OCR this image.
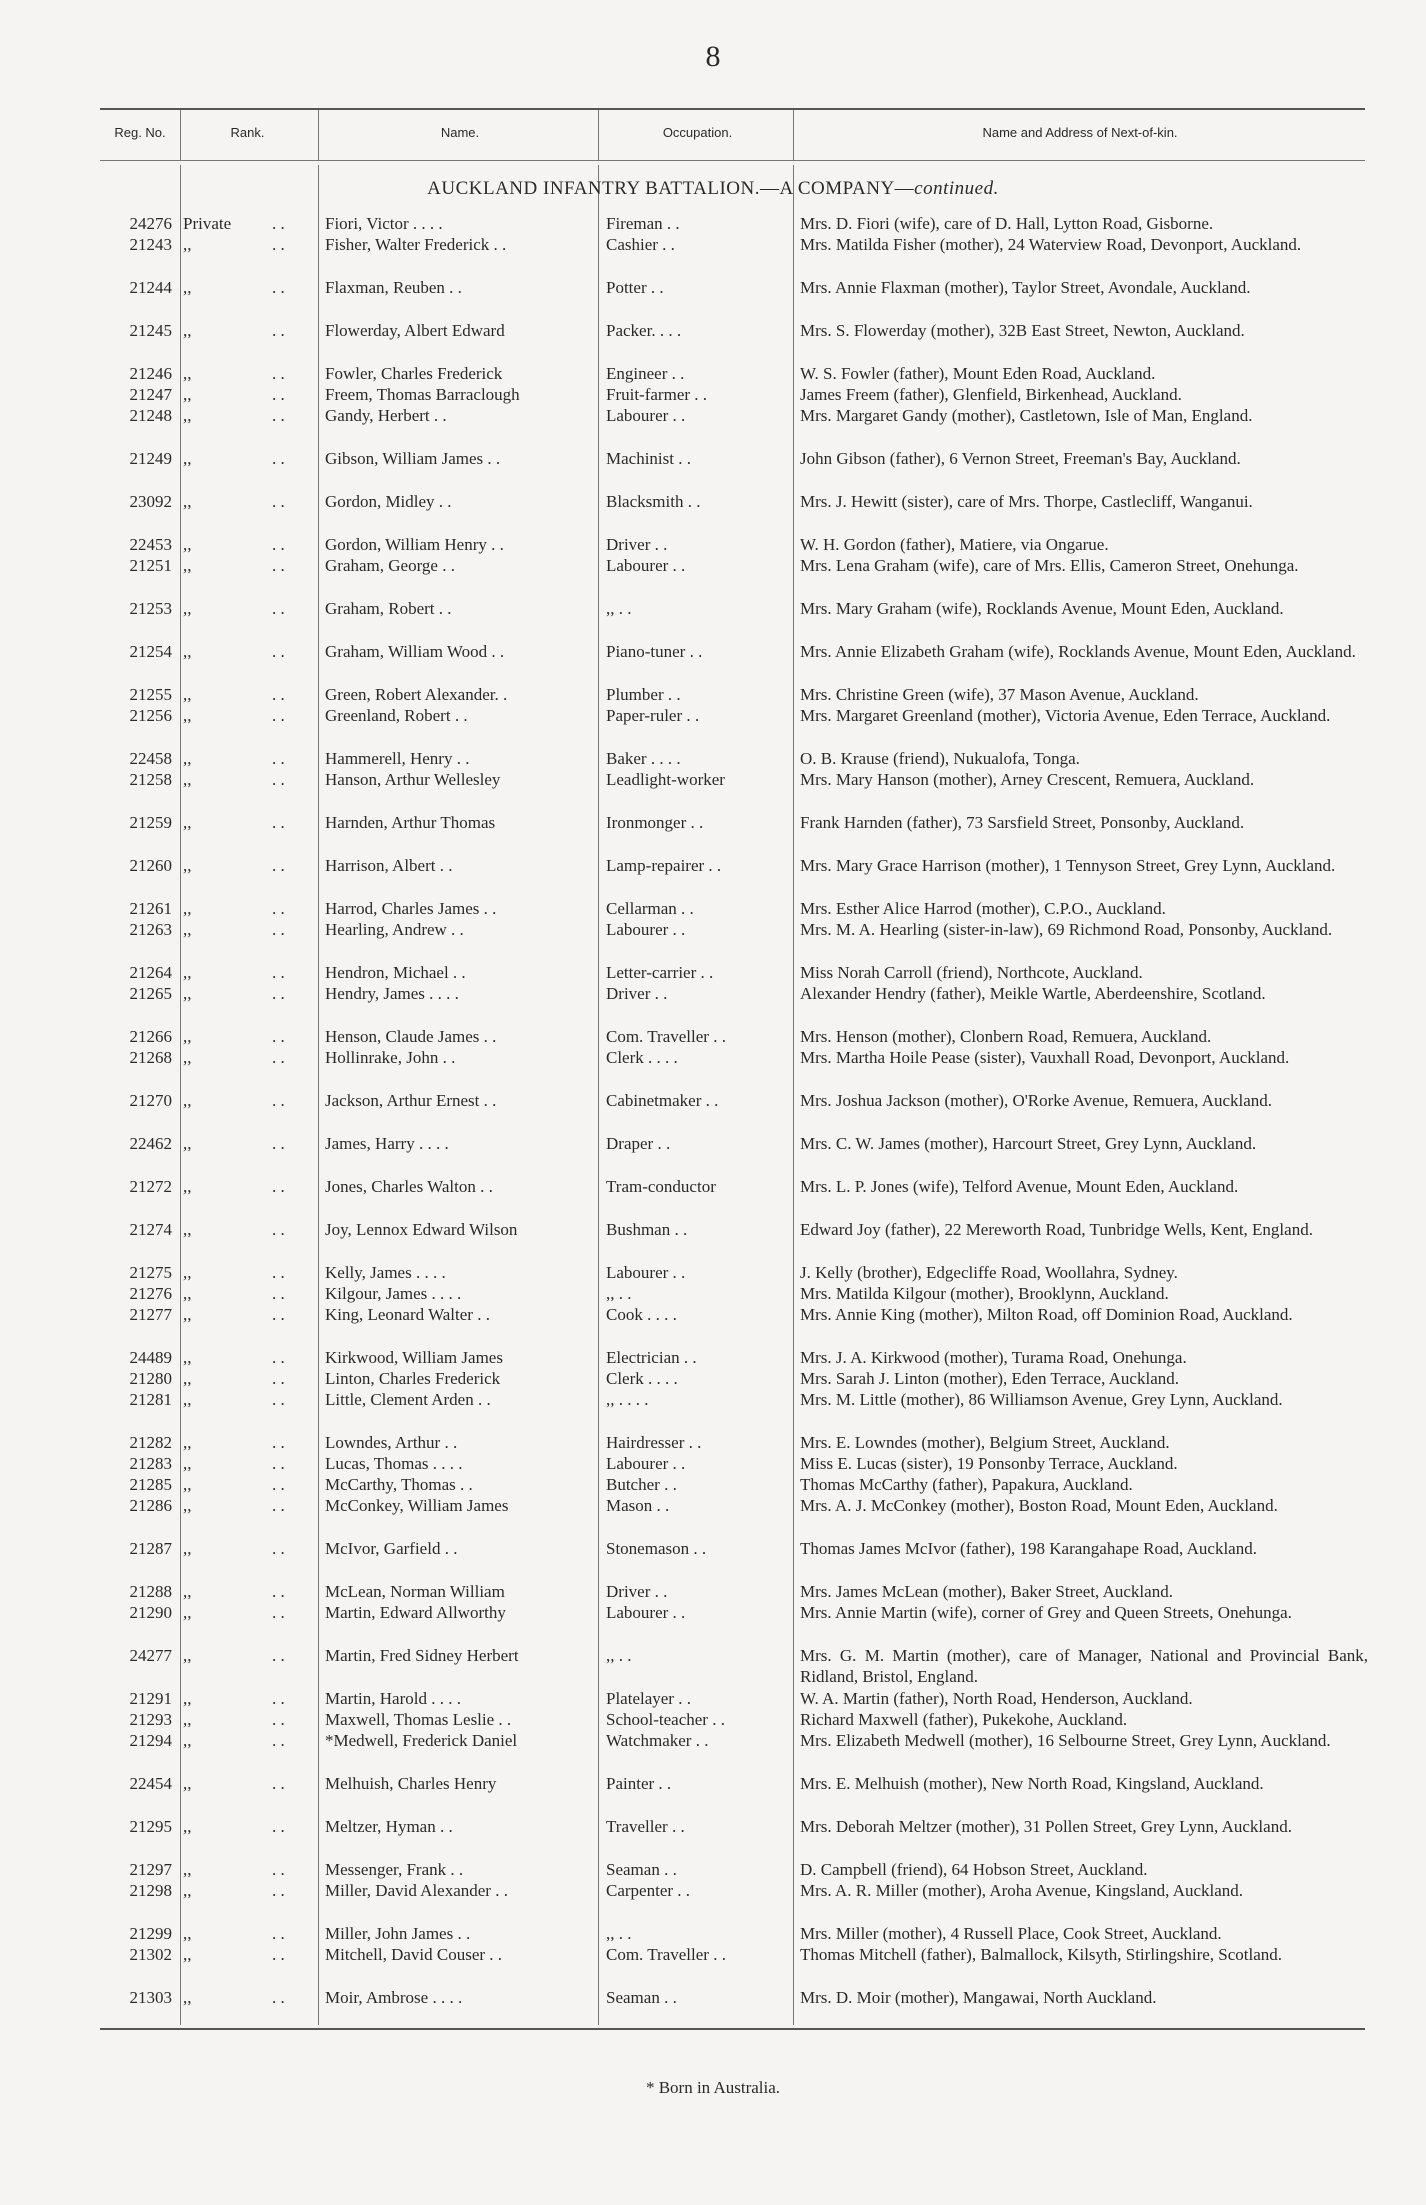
8
Reg. No.	Rank.	Name.	Occupation.	Name and Address of Next-of-kin.
AUCKLAND INFANTRY BATTALION.—A COMPANY—continued.
24276 Private	Fiori, Victor . . . .	Fireman . .	Mrs. D. Fiori (wife), care of D. Hall, Lytton Road, Gisborne.
. .
21243 ,,	Fisher, Walter Frederick . .	Cashier . .	Mrs. Matilda Fisher (mother), 24 Waterview Road, Devonport, Auckland.
. .
21244 ,,	Flaxman, Reuben . .	Potter . .	Mrs. Annie Flaxman (mother), Taylor Street, Avondale, Auckland.
. .
21245 ,,	Flowerday, Albert Edward	Packer. . . .	Mrs. S. Flowerday (mother), 32B East Street, Newton, Auckland.
. .
21246 ,,	Fowler, Charles Frederick	Engineer . .	W. S. Fowler (father), Mount Eden Road, Auckland.
. .
21247 ,,	Freem, Thomas Barraclough	Fruit-farmer . .	James Freem (father), Glenfield, Birkenhead, Auckland.
. .
21248 ,,	Gandy, Herbert . .	Labourer . .	Mrs. Margaret Gandy (mother), Castletown, Isle of Man, England.
. .
21249 ,,	Gibson, William James . .	Machinist . .	John Gibson (father), 6 Vernon Street, Freeman's Bay, Auckland.
. .
23092 ,,	Gordon, Midley . .	Blacksmith . .	Mrs. J. Hewitt (sister), care of Mrs. Thorpe, Castlecliff, Wanganui.
. .
22453 ,,	Gordon, William Henry . .	Driver . .	W. H. Gordon (father), Matiere, via Ongarue.
. .
21251 ,,	Graham, George . .	Labourer . .	Mrs. Lena Graham (wife), care of Mrs. Ellis, Cameron Street, Onehunga.
. .
21253 ,,	Graham, Robert . .	,, . .	Mrs. Mary Graham (wife), Rocklands Avenue, Mount Eden, Auckland.
. .
21254 ,,	Graham, William Wood . .	Piano-tuner . .	Mrs. Annie Elizabeth Graham (wife), Rocklands Avenue, Mount Eden, Auckland.
. .
21255 ,,	Green, Robert Alexander. .	Plumber . .	Mrs. Christine Green (wife), 37 Mason Avenue, Auckland.
. .
21256 ,,	Greenland, Robert . .	Paper-ruler . .	Mrs. Margaret Greenland (mother), Victoria Avenue, Eden Terrace, Auckland.
. .
22458 ,,	Hammerell, Henry . .	Baker . . . .	O. B. Krause (friend), Nukualofa, Tonga.
. .
21258 ,,	Hanson, Arthur Wellesley	Leadlight-worker	Mrs. Mary Hanson (mother), Arney Crescent, Remuera, Auckland.
. .
21259 ,,	Harnden, Arthur Thomas	Ironmonger . .	Frank Harnden (father), 73 Sarsfield Street, Ponsonby, Auckland.
. .
21260 ,,	Harrison, Albert . .	Lamp-repairer . .	Mrs. Mary Grace Harrison (mother), 1 Tennyson Street, Grey Lynn, Auckland.
. .
21261 ,,	Harrod, Charles James . .	Cellarman . .	Mrs. Esther Alice Harrod (mother), C.P.O., Auckland.
. .
21263 ,,	Hearling, Andrew . .	Labourer . .	Mrs. M. A. Hearling (sister-in-law), 69 Richmond Road, Ponsonby, Auckland.
. .
21264 ,,	Hendron, Michael . .	Letter-carrier . .	Miss Norah Carroll (friend), Northcote, Auckland.
. .
21265 ,,	Hendry, James . . . .	Driver . .	Alexander Hendry (father), Meikle Wartle, Aberdeenshire, Scotland.
. .
21266 ,,	Henson, Claude James . .	Com. Traveller . .	Mrs. Henson (mother), Clonbern Road, Remuera, Auckland.
. .
21268 ,,	Hollinrake, John . .	Clerk . . . .	Mrs. Martha Hoile Pease (sister), Vauxhall Road, Devonport, Auckland.
. .
21270 ,,	Jackson, Arthur Ernest . .	Cabinetmaker . .	Mrs. Joshua Jackson (mother), O'Rorke Avenue, Remuera, Auckland.
. .
22462 ,,	James, Harry . . . .	Draper . .	Mrs. C. W. James (mother), Harcourt Street, Grey Lynn, Auckland.
. .
21272 ,,	Jones, Charles Walton . .	Tram-conductor	Mrs. L. P. Jones (wife), Telford Avenue, Mount Eden, Auckland.
. .
21274 ,,	Joy, Lennox Edward Wilson	Bushman . .	Edward Joy (father), 22 Mereworth Road, Tunbridge Wells, Kent, England.
. .
21275 ,,	Kelly, James . . . .	Labourer . .	J. Kelly (brother), Edgecliffe Road, Woollahra, Sydney.
. .
21276 ,,	Kilgour, James . . . .	,, . .	Mrs. Matilda Kilgour (mother), Brooklynn, Auckland.
. .
21277 ,,	King, Leonard Walter . .	Cook . . . .	Mrs. Annie King (mother), Milton Road, off Dominion Road, Auckland.
. .
24489 ,,	Kirkwood, William James	Electrician . .	Mrs. J. A. Kirkwood (mother), Turama Road, Onehunga.
. .
21280 ,,	Linton, Charles Frederick	Clerk . . . .	Mrs. Sarah J. Linton (mother), Eden Terrace, Auckland.
. .
21281 ,,	Little, Clement Arden . .	,, . . . .	Mrs. M. Little (mother), 86 Williamson Avenue, Grey Lynn, Auckland.
. .
21282 ,,	Lowndes, Arthur . .	Hairdresser . .	Mrs. E. Lowndes (mother), Belgium Street, Auckland.
. .
21283 ,,	Lucas, Thomas . . . .	Labourer . .	Miss E. Lucas (sister), 19 Ponsonby Terrace, Auckland.
. .
21285 ,,	McCarthy, Thomas . .	Butcher . .	Thomas McCarthy (father), Papakura, Auckland.
. .
21286 ,,	McConkey, William James	Mason . .	Mrs. A. J. McConkey (mother), Boston Road, Mount Eden, Auckland.
. .
21287 ,,	McIvor, Garfield . .	Stonemason . .	Thomas James McIvor (father), 198 Karangahape Road, Auckland.
. .
21288 ,,	McLean, Norman William	Driver . .	Mrs. James McLean (mother), Baker Street, Auckland.
. .
21290 ,,	Martin, Edward Allworthy	Labourer . .	Mrs. Annie Martin (wife), corner of Grey and Queen Streets, Onehunga.
. .
24277 ,,	Martin, Fred Sidney Herbert	,, . .	Mrs. G. M. Martin (mother), care of Manager, National and Provincial Bank, Ridland, Bristol, England.
. .
21291 ,,	Martin, Harold . . . .	Platelayer . .	W. A. Martin (father), North Road, Henderson, Auckland.
. .
21293 ,,	Maxwell, Thomas Leslie . .	School-teacher . .	Richard Maxwell (father), Pukekohe, Auckland.
. .
21294 ,,	*Medwell, Frederick Daniel	Watchmaker . .	Mrs. Elizabeth Medwell (mother), 16 Selbourne Street, Grey Lynn, Auckland.
. .
22454 ,,	Melhuish, Charles Henry	Painter . .	Mrs. E. Melhuish (mother), New North Road, Kingsland, Auckland.
. .
21295 ,,	Meltzer, Hyman . .	Traveller . .	Mrs. Deborah Meltzer (mother), 31 Pollen Street, Grey Lynn, Auckland.
. .
21297 ,,	Messenger, Frank . .	Seaman . .	D. Campbell (friend), 64 Hobson Street, Auckland.
. .
21298 ,,	Miller, David Alexander . .	Carpenter . .	Mrs. A. R. Miller (mother), Aroha Avenue, Kingsland, Auckland.
. .
21299 ,,	Miller, John James . .	,, . .	Mrs. Miller (mother), 4 Russell Place, Cook Street, Auckland.
. .
21302 ,,	Mitchell, David Couser . .	Com. Traveller . .	Thomas Mitchell (father), Balmallock, Kilsyth, Stirlingshire, Scotland.
. .
21303 ,,	Moir, Ambrose . . . .	Seaman . .	Mrs. D. Moir (mother), Mangawai, North Auckland.
. .
* Born in Australia.
